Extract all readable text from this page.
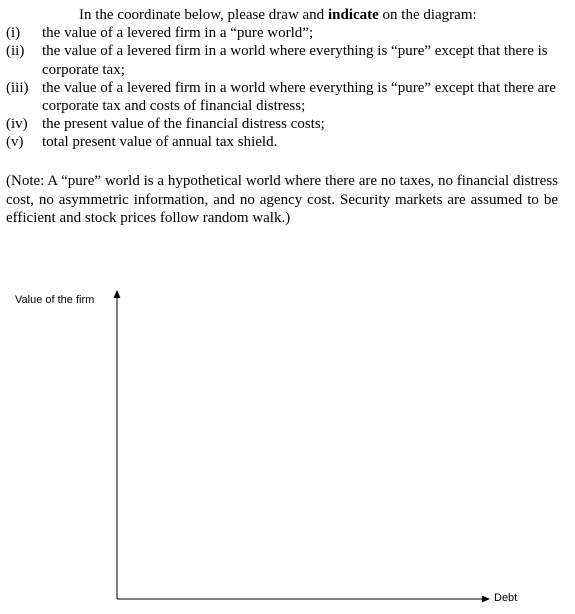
In the coordinate below, please draw and indicate on the diagram:
(i)	the value of a levered firm in a “pure world”;
(ii)	the value of a levered firm in a world where everything is “pure” except that there is corporate tax;
(iii) the value of a levered firm in a world where everything is “pure” except that there are corporate tax and costs of financial distress;
(iv) the present value of the financial distress costs;
(v)	total present value of annual tax shield.
(Note: A “pure” world is a hypothetical world where there are no taxes, no financial distress cost, no asymmetric information, and no agency cost. Security markets are assumed to be efficient and stock prices follow random walk.)
Value of the firm
Debt
